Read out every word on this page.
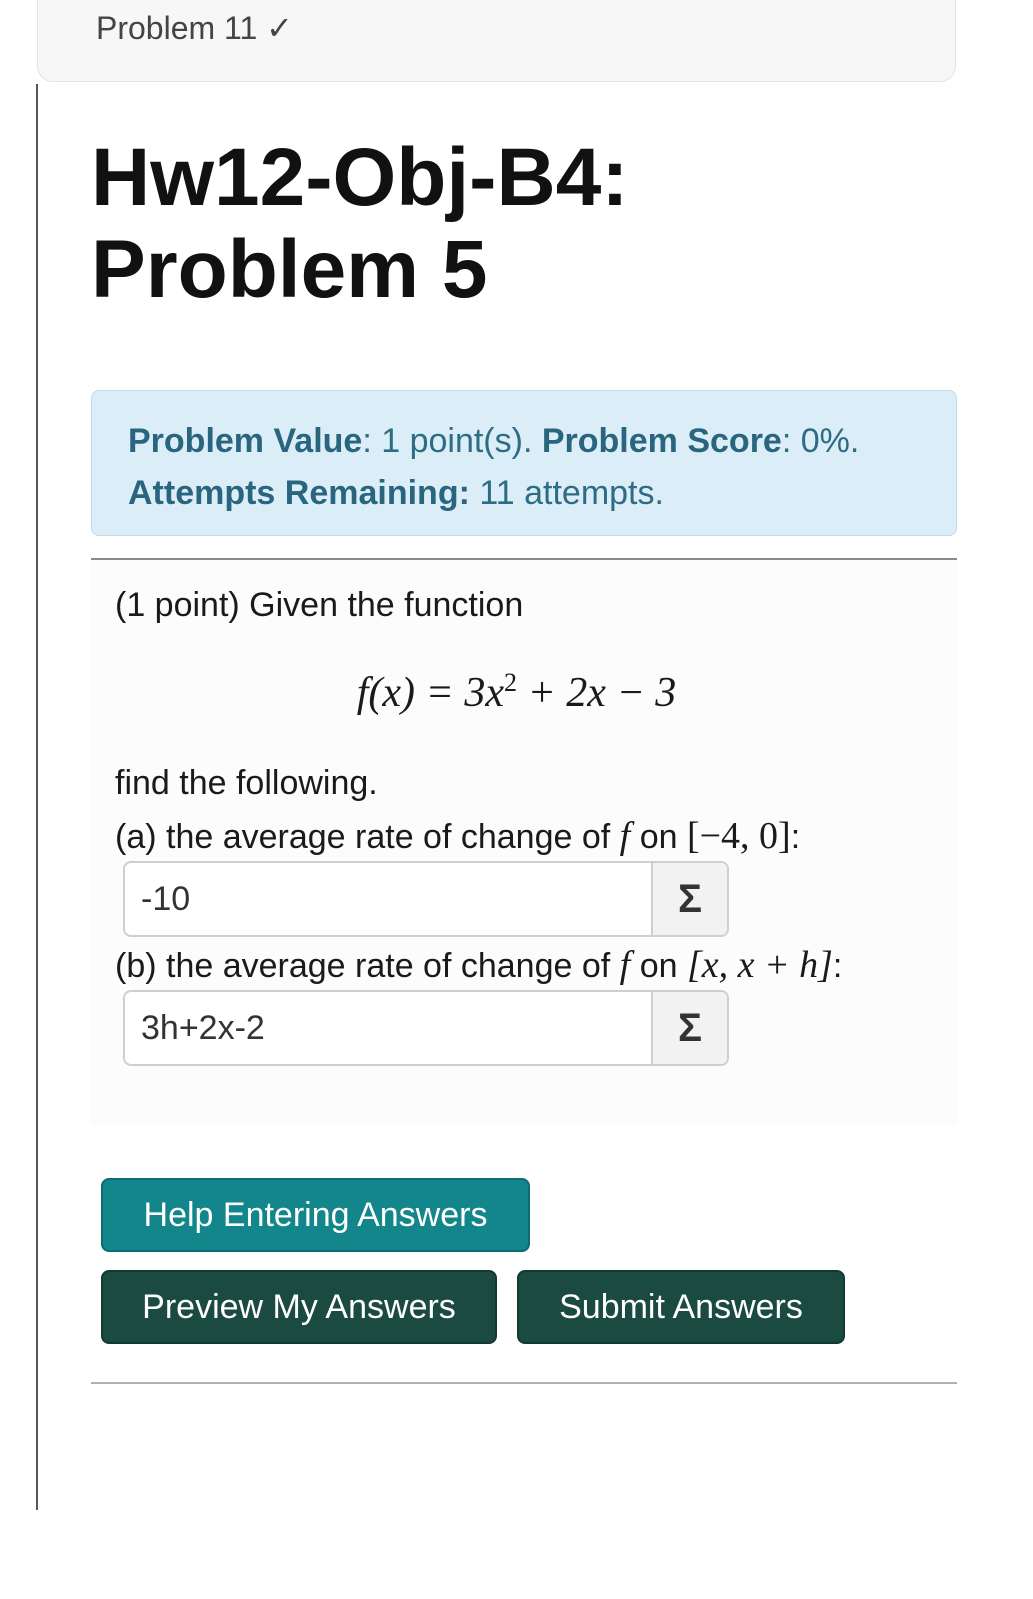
Problem 11 ✓
Hw12-Obj-B4: Problem 5
Problem Value: 1 point(s). Problem Score: 0%. Attempts Remaining: 11 attempts.
(1 point) Given the function
$f(x) = 3x^2 + 2x - 3$
find the following.
(a) the average rate of change of f on [−4, 0]:
-10
Σ
(b) the average rate of change of f on [x, x + h]:
3h+2x-2
Σ
Help Entering Answers
Preview My Answers	Submit Answers
